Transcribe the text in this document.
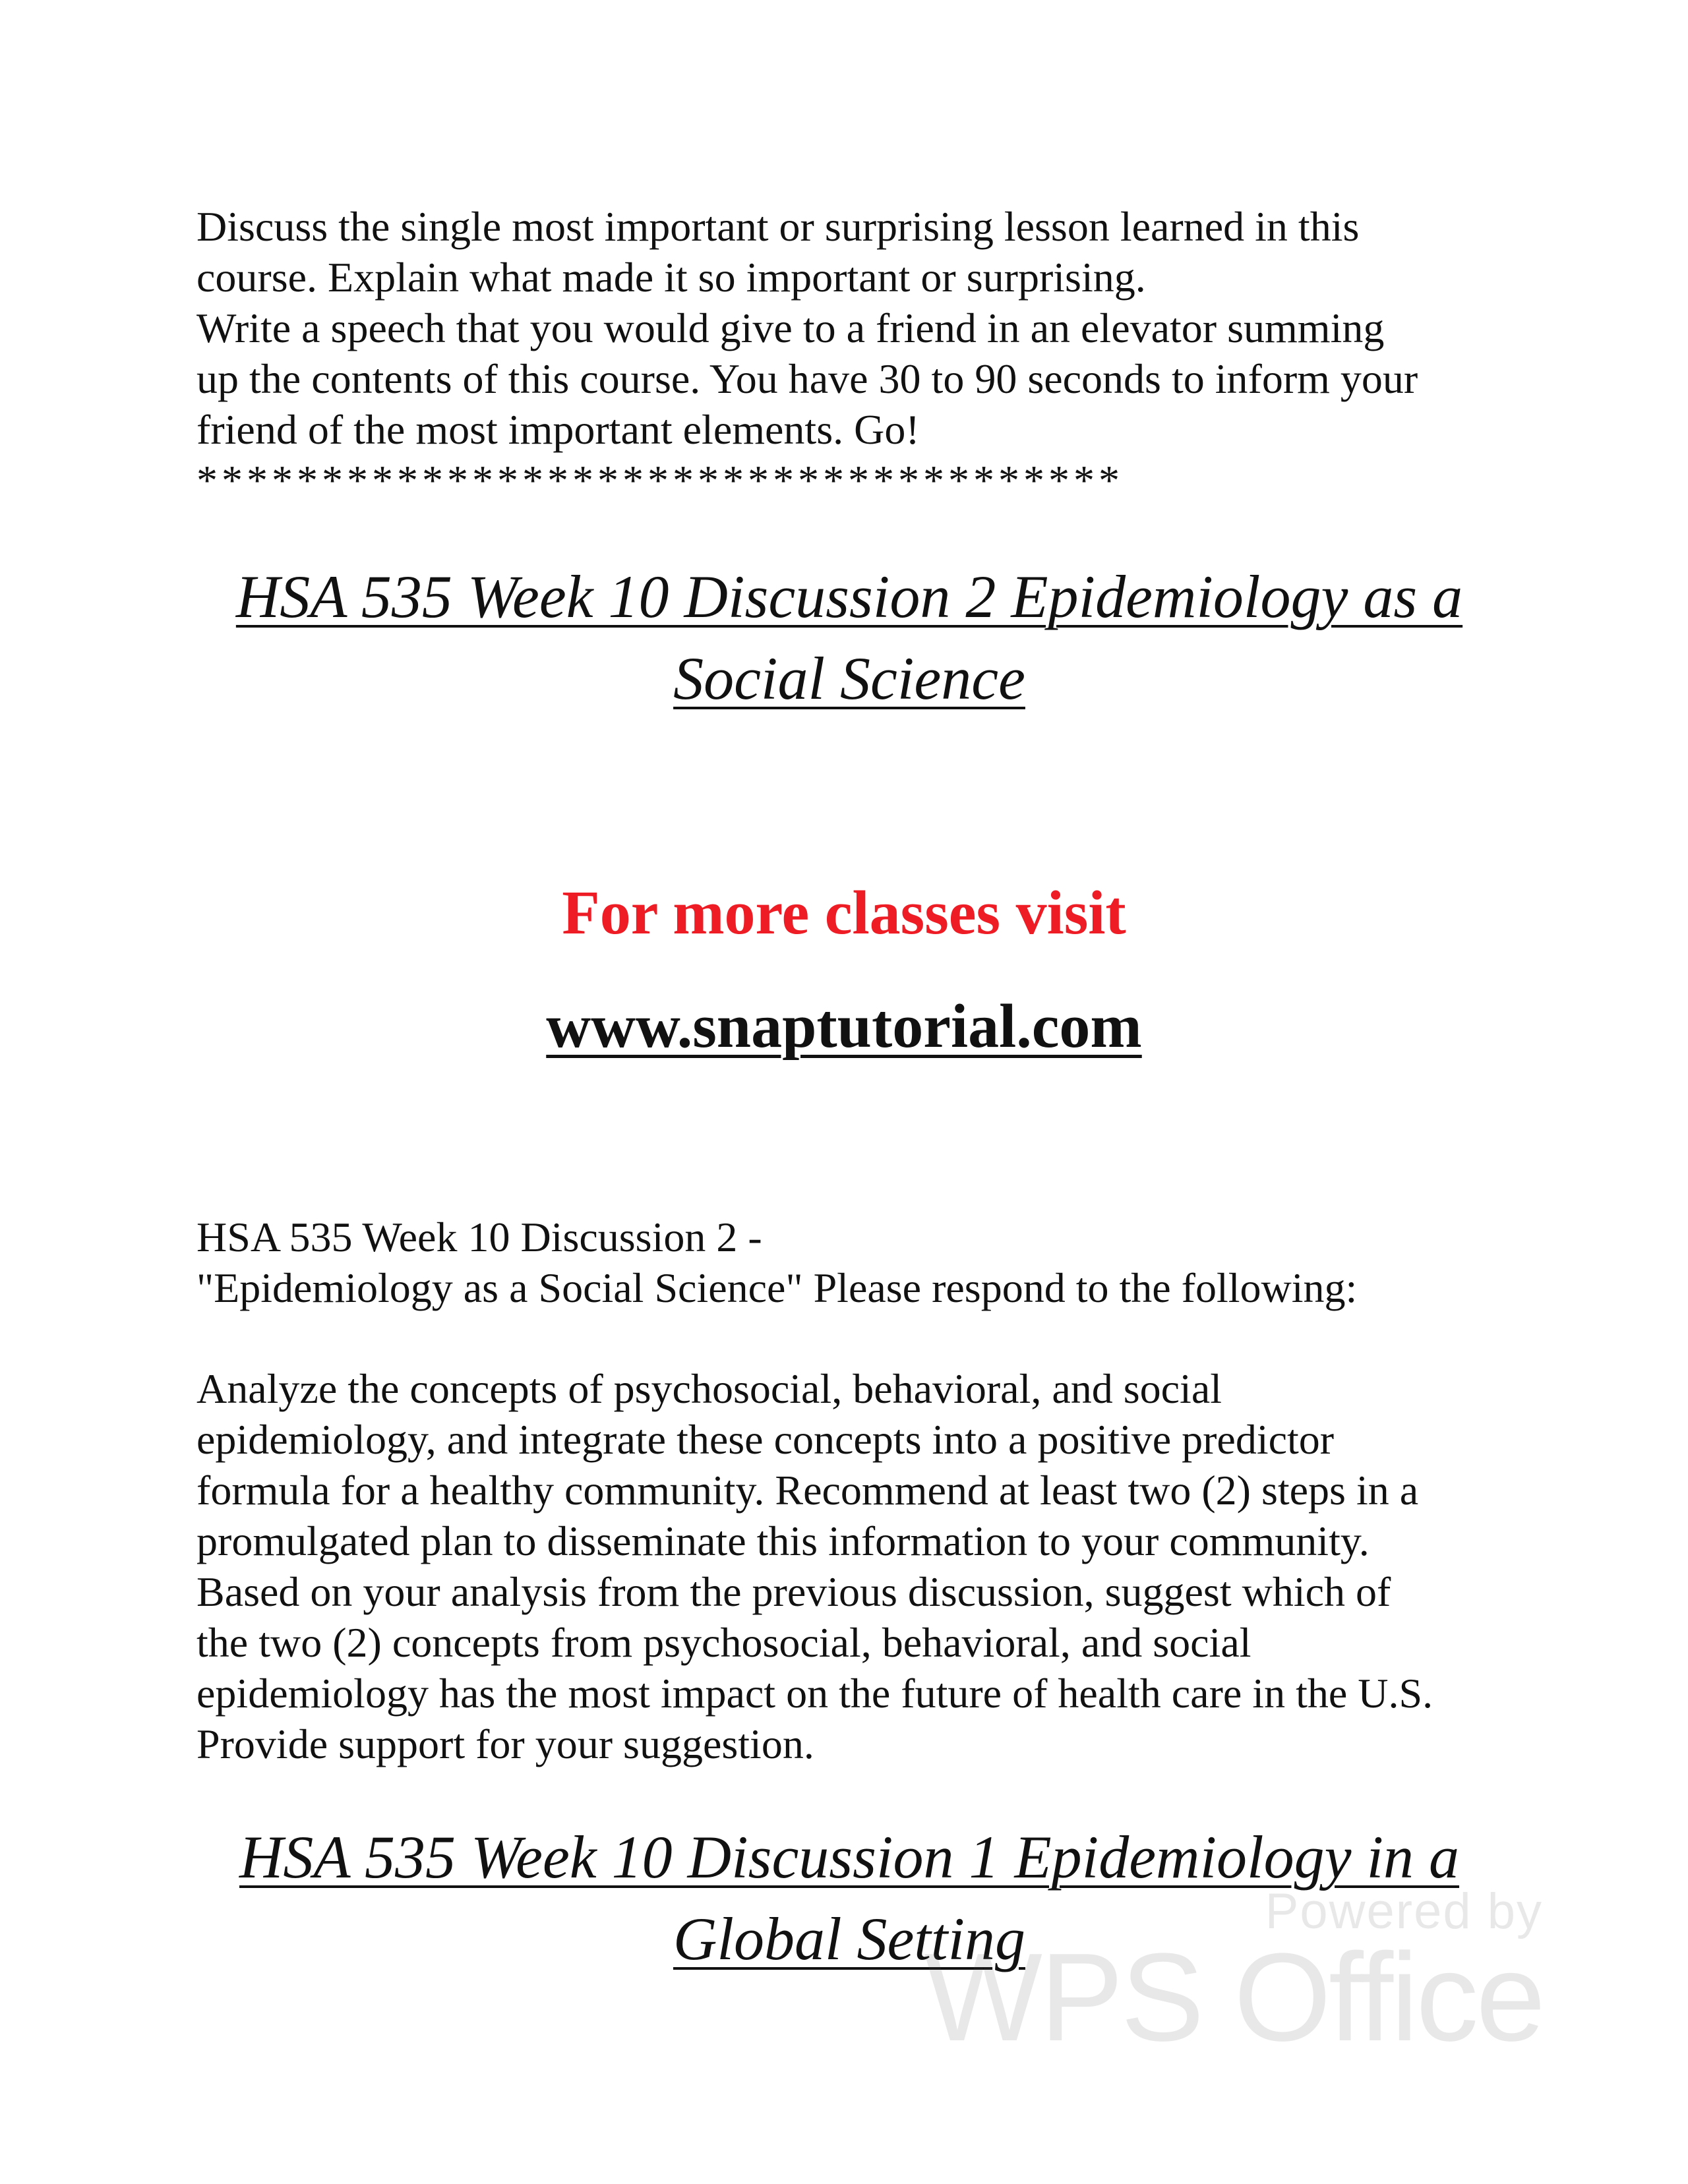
Discuss the single most important or surprising lesson learned in this
course. Explain what made it so important or surprising.
Write a speech that you would give to a friend in an elevator summing
up the contents of this course. You have 30 to 90 seconds to inform your
friend of the most important elements. Go!
*************************************
HSA 535 Week 10 Discussion 2 Epidemiology as a
Social Science

For more classes visit

www.snaptutorial.com

HSA 535 Week 10 Discussion 2 -
"Epidemiology as a Social Science" Please respond to the following:
Analyze the concepts of psychosocial, behavioral, and social
epidemiology, and integrate these concepts into a positive predictor
formula for a healthy community. Recommend at least two (2) steps in a
promulgated plan to disseminate this information to your community.
Based on your analysis from the previous discussion, suggest which of
the two (2) concepts from psychosocial, behavioral, and social
epidemiology has the most impact on the future of health care in the U.S.
Provide support for your suggestion.
HSA 535 Week 10 Discussion 1 Epidemiology in a
Global Setting	Powered by
WPS Office
